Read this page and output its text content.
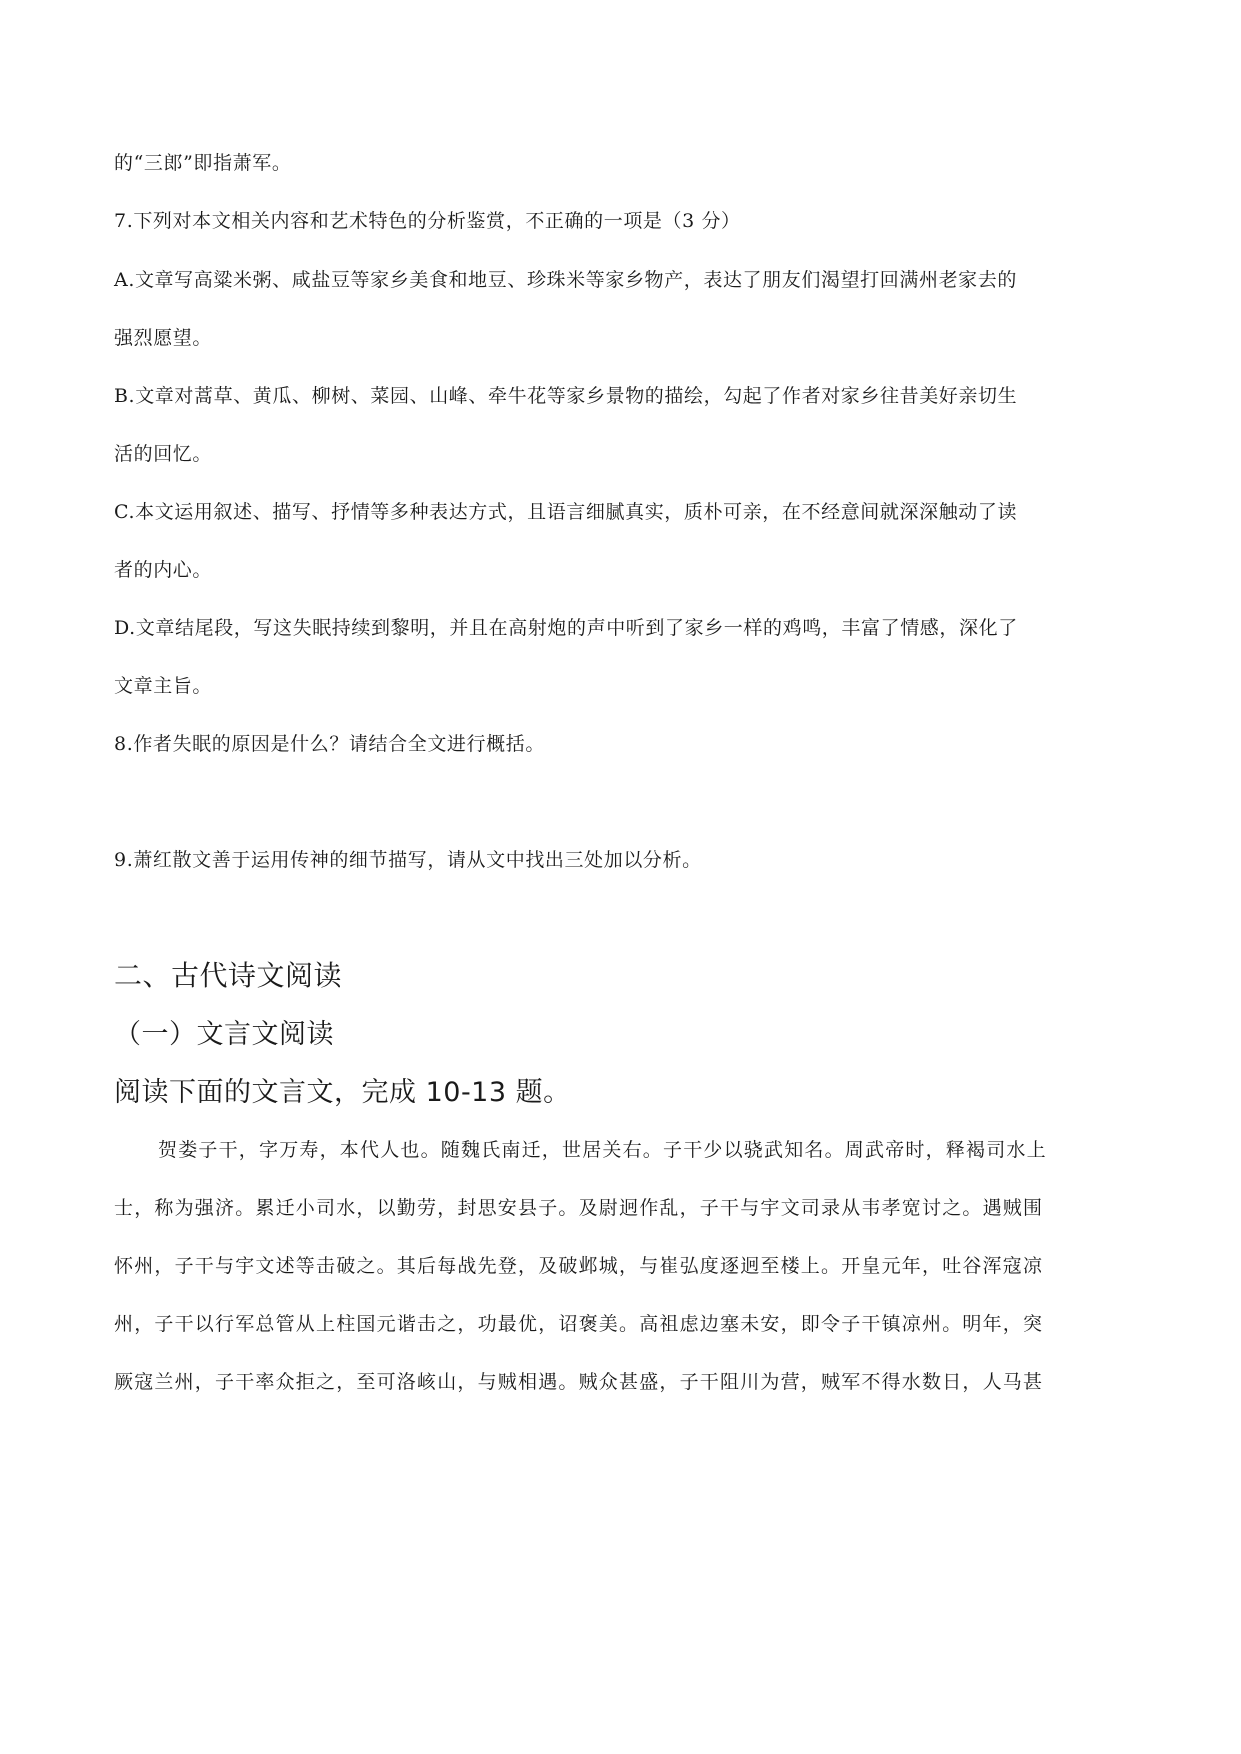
的“三郎”即指萧军。
7.下列对本文相关内容和艺术特色的分析鉴赏，不正确的一项是（3 分）
A.文章写高粱米粥、咸盐豆等家乡美食和地豆、珍珠米等家乡物产，表达了朋友们渴望打回满州老家去的
强烈愿望。
B.文章对蒿草、黄瓜、柳树、菜园、山峰、牵牛花等家乡景物的描绘，勾起了作者对家乡往昔美好亲切生
活的回忆。
C.本文运用叙述、描写、抒情等多种表达方式，且语言细腻真实，质朴可亲，在不经意间就深深触动了读
者的内心。
D.文章结尾段，写这失眠持续到黎明，并且在高射炮的声中听到了家乡一样的鸡鸣，丰富了情感，深化了
文章主旨。
8.作者失眠的原因是什么？请结合全文进行概括。
9.萧红散文善于运用传神的细节描写，请从文中找出三处加以分析。
二、古代诗文阅读
（一）文言文阅读
阅读下面的文言文，完成 10-13 题。
贺娄子干，字万寿，本代人也。随魏氏南迁，世居关右。子干少以骁武知名。周武帝时，释褐司水上
士，称为强济。累迁小司水，以勤劳，封思安县子。及尉迥作乱，子干与宇文司录从韦孝宽讨之。遇贼围
怀州，子干与宇文述等击破之。其后每战先登，及破邺城，与崔弘度逐迥至楼上。开皇元年，吐谷浑寇凉
州，子干以行军总管从上柱国元谐击之，功最优，诏褒美。高祖虑边塞未安，即令子干镇凉州。明年，突
厥寇兰州，子干率众拒之，至可洛峐山，与贼相遇。贼众甚盛，子干阻川为营，贼军不得水数日，人马甚
